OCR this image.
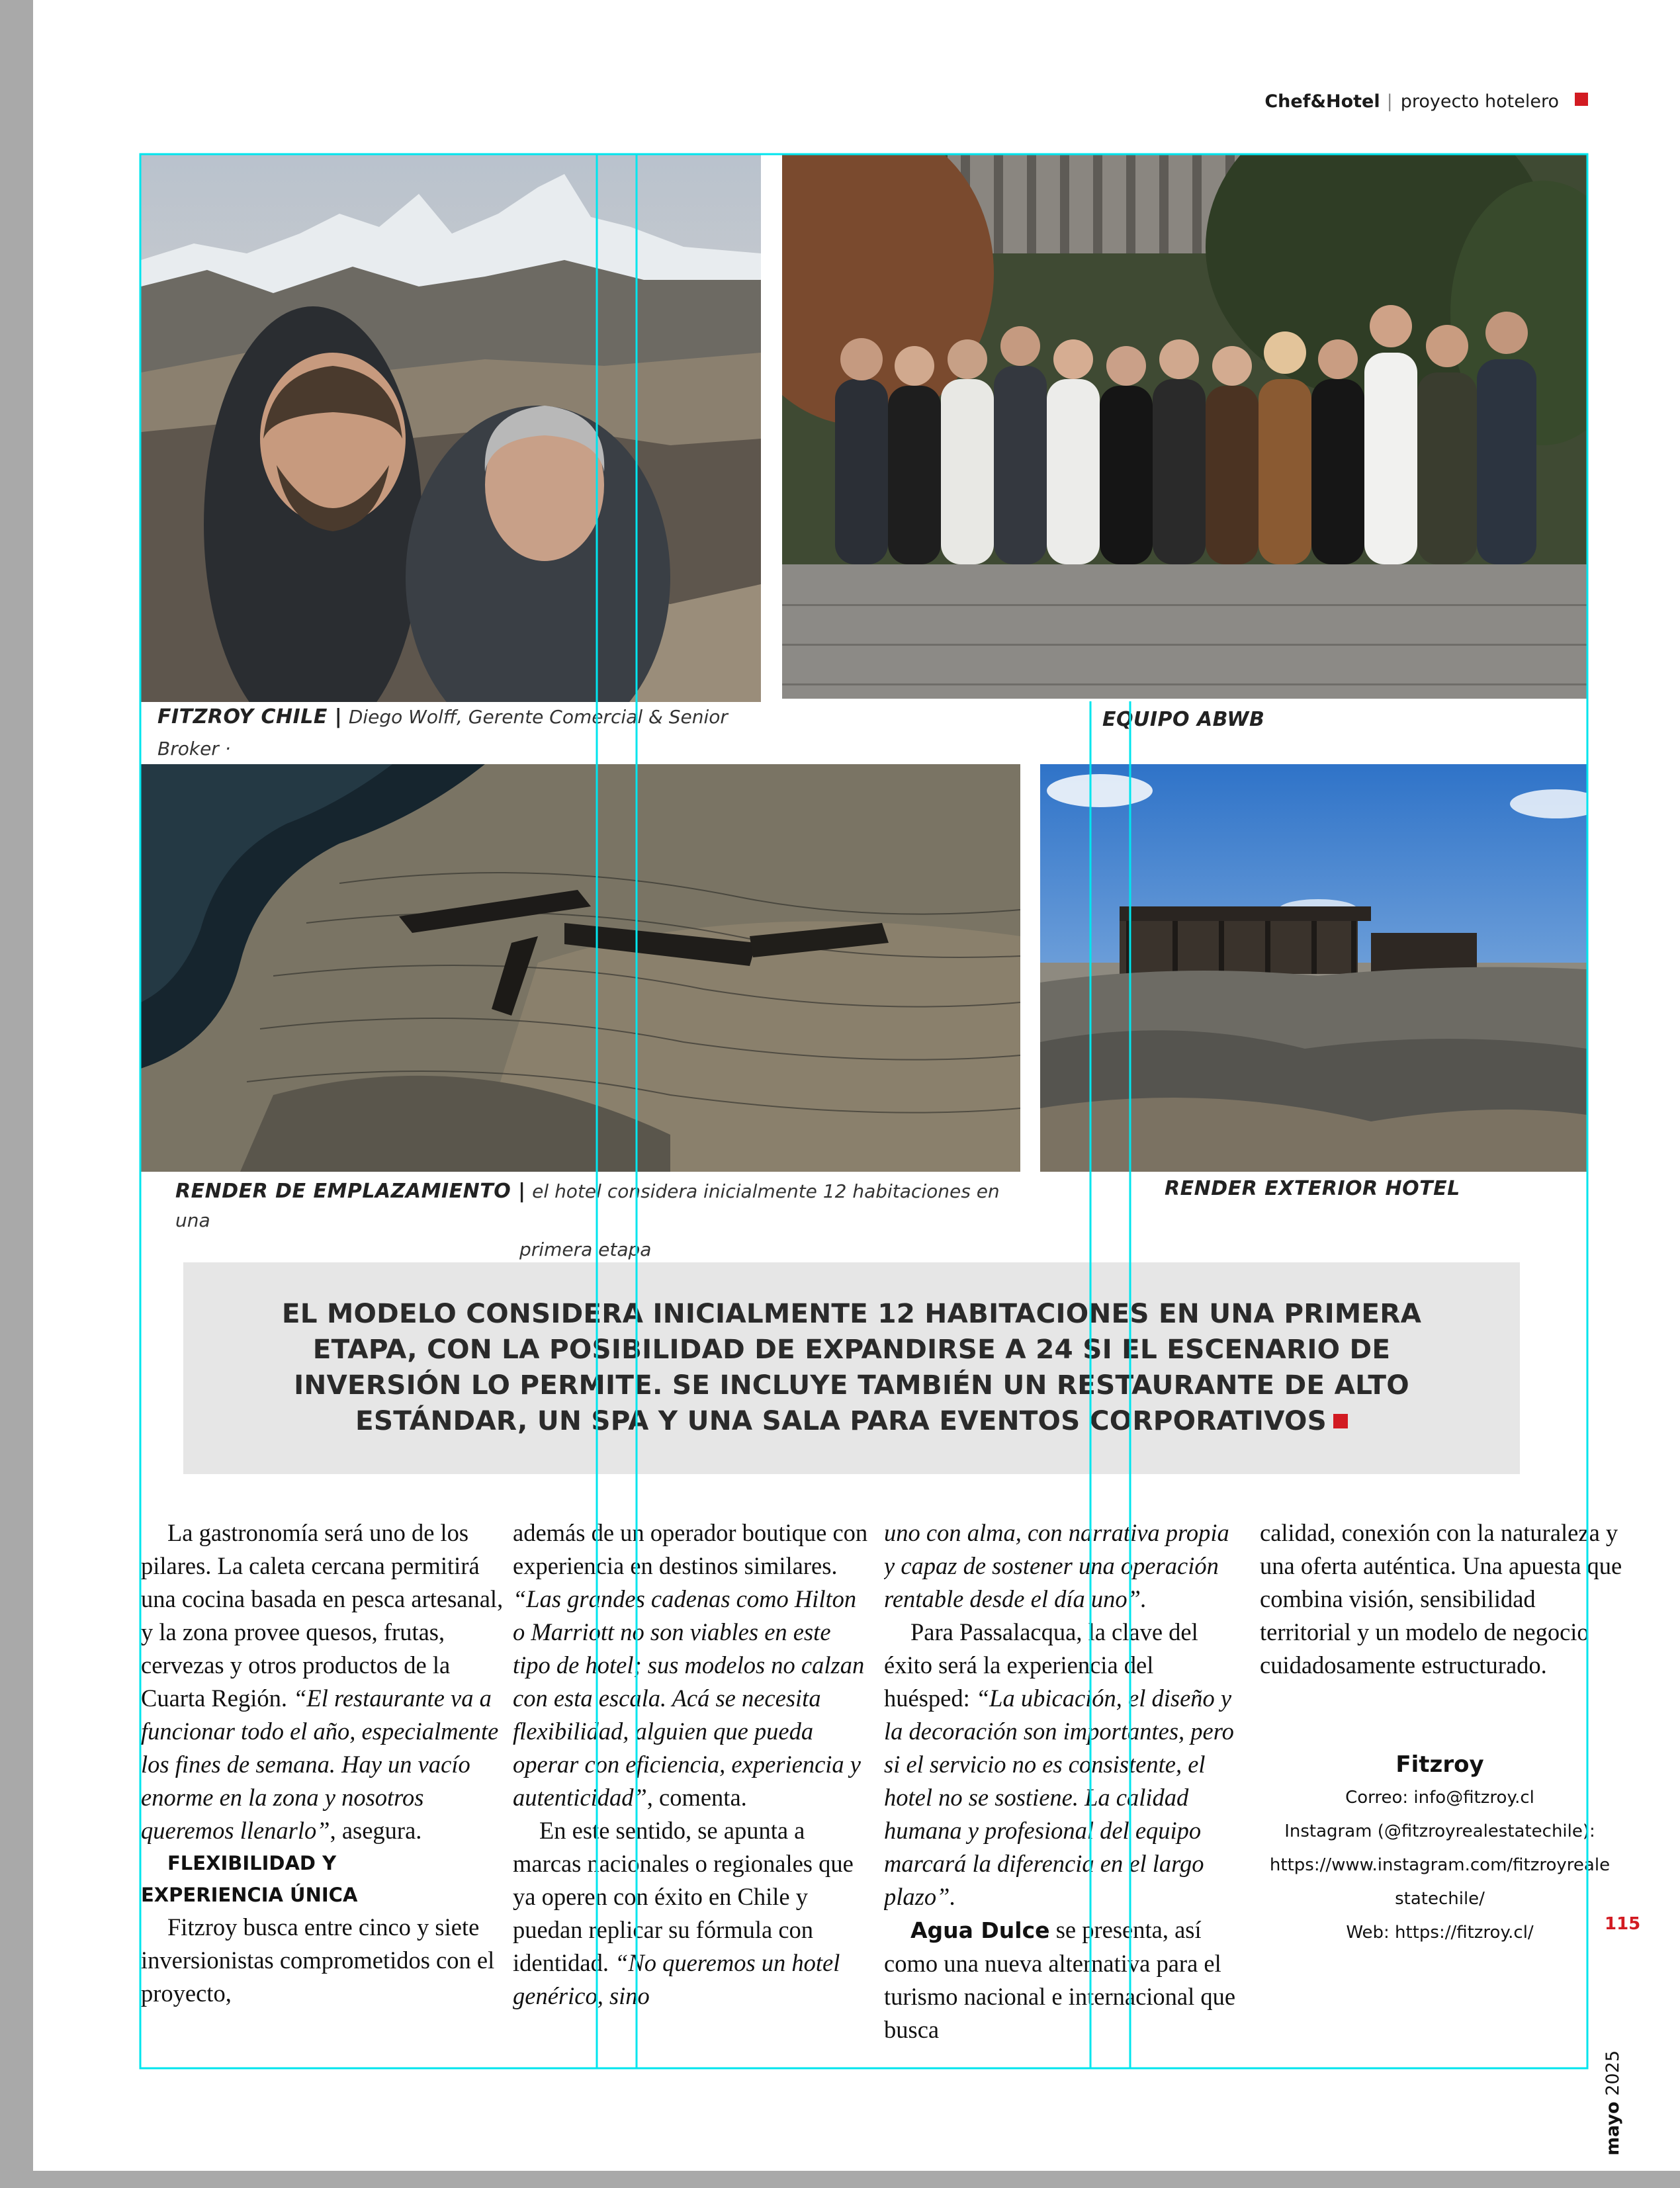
Chef&Hotel | proyecto hotelero
FITZROY CHILE | Diego Wolff, Gerente Comercial & Senior Broker ·
EQUIPO ABWB
RENDER DE EMPLAZAMIENTO | el hotel considera inicialmente 12 habitaciones en una
primera etapa
RENDER EXTERIOR HOTEL
EL MODELO CONSIDERA INICIALMENTE 12 HABITACIONES EN UNA PRIMERA
ETAPA, CON LA POSIBILIDAD DE EXPANDIRSE A 24 SI EL ESCENARIO DE
INVERSIÓN LO PERMITE. SE INCLUYE TAMBIÉN UN RESTAURANTE DE ALTO
ESTÁNDAR, UN SPA Y UNA SALA PARA EVENTOS CORPORATIVOS

La gastronomía será uno de los pilares. La caleta cercana permitirá una cocina basada en pesca artesanal, y la zona provee quesos, frutas, cervezas y otros productos de la Cuarta Región. “El restaurante va a funcionar todo el año, especialmente los fines de semana. Hay un vacío enorme en la zona y nosotros queremos llenarlo”, asegura.

FLEXIBILIDAD Y
EXPERIENCIA ÚNICA

Fitzroy busca entre cinco y siete inversionistas comprometidos con el proyecto,

además de un operador boutique con experiencia en destinos similares. “Las grandes cadenas como Hilton o Marriott no son viables en este tipo de hotel; sus modelos no calzan con esta escala. Acá se necesita flexibilidad, alguien que pueda operar con eficiencia, experiencia y autenticidad”, comenta.

En este sentido, se apunta a marcas nacionales o regionales que ya operen con éxito en Chile y puedan replicar su fórmula con identidad. “No queremos un hotel genérico, sino

uno con alma, con narrativa propia y capaz de sostener una operación rentable desde el día uno”.

Para Passalacqua, la clave del éxito será la experiencia del huésped: “La ubicación, el diseño y la decoración son importantes, pero si el servicio no es consistente, el hotel no se sostiene. La calidad humana y profesional del equipo marcará la diferencia en el largo plazo”.

Agua Dulce se presenta, así como una nueva alternativa para el turismo nacional e internacional que busca

calidad, conexión con la naturaleza y una oferta auténtica. Una apuesta que combina visión, sensibilidad territorial y un modelo de negocio cuidadosamente estructurado.

Fitzroy
Correo: info@fitzroy.cl
Instagram (@fitzroyrealestatechile):
https://www.instagram.com/fitzroyreale
statechile/
Web: https://fitzroy.cl/	115
mayo 2025
